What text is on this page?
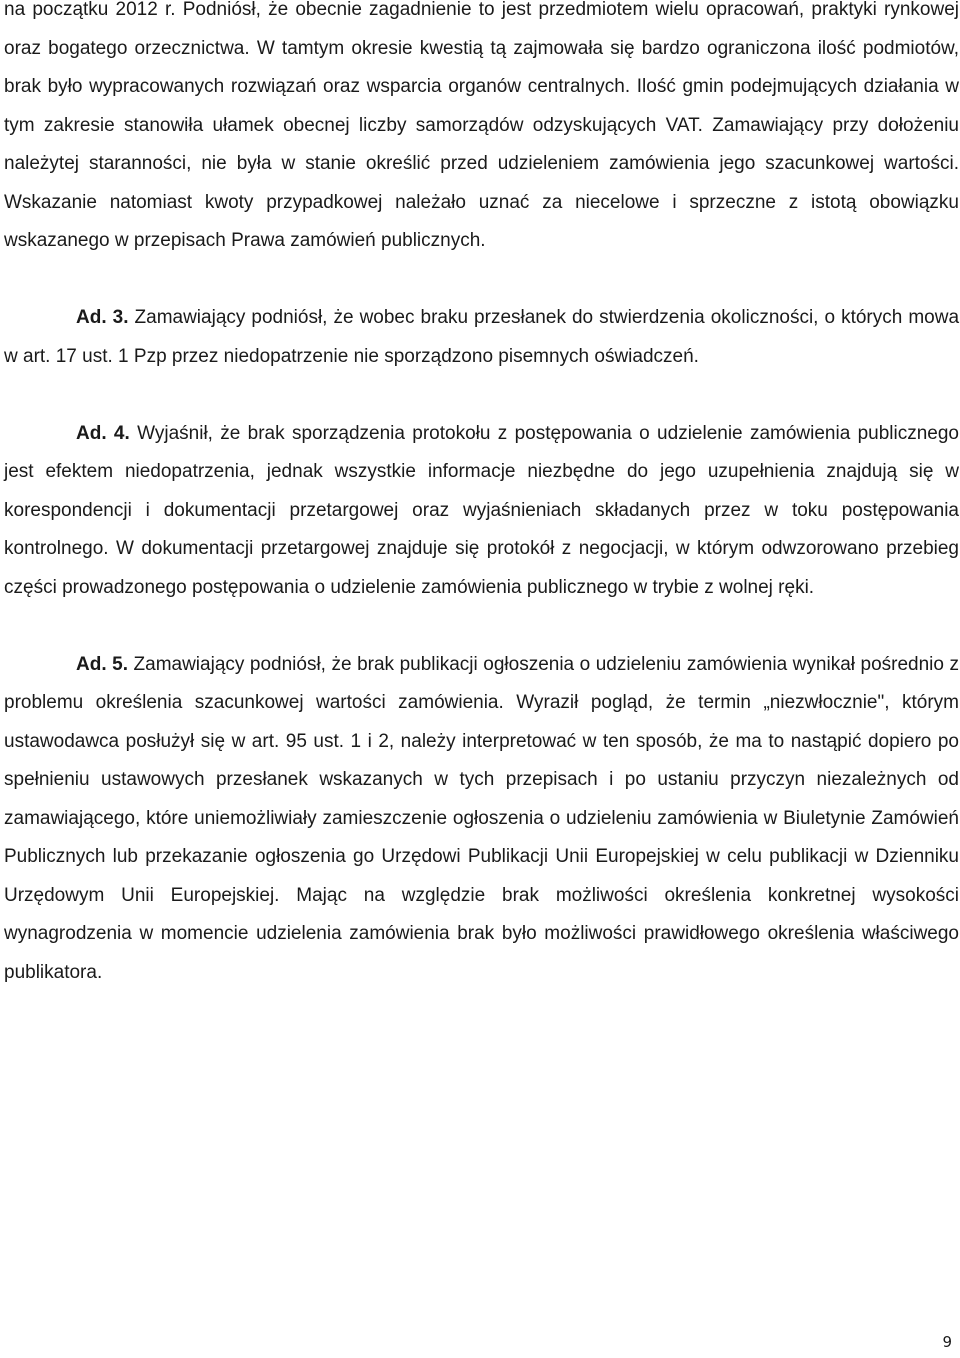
na początku 2012 r. Podniósł, że obecnie zagadnienie to jest przedmiotem wielu opracowań, praktyki rynkowej oraz bogatego orzecznictwa. W tamtym okresie kwestią tą zajmowała się bardzo ograniczona ilość podmiotów, brak było wypracowanych rozwiązań oraz wsparcia organów centralnych. Ilość gmin podejmujących działania w tym zakresie stanowiła ułamek obecnej liczby samorządów odzyskujących VAT. Zamawiający przy dołożeniu należytej staranności, nie była w stanie określić przed udzieleniem zamówienia jego szacunkowej wartości. Wskazanie natomiast kwoty przypadkowej należało uznać za niecelowe i sprzeczne z istotą obowiązku wskazanego w przepisach Prawa zamówień publicznych.

Ad. 3. Zamawiający podniósł, że wobec braku przesłanek do stwierdzenia okoliczności, o których mowa w art. 17 ust. 1 Pzp przez niedopatrzenie nie sporządzono pisemnych oświadczeń.

Ad. 4. Wyjaśnił, że brak sporządzenia protokołu z postępowania o udzielenie zamówienia publicznego jest efektem niedopatrzenia, jednak wszystkie informacje niezbędne do jego uzupełnienia znajdują się w korespondencji i dokumentacji przetargowej oraz wyjaśnieniach składanych przez w toku postępowania kontrolnego. W dokumentacji przetargowej znajduje się protokół z negocjacji, w którym odwzorowano przebieg części prowadzonego postępowania o udzielenie zamówienia publicznego w trybie z wolnej ręki.

Ad. 5. Zamawiający podniósł, że brak publikacji ogłoszenia o udzieleniu zamówienia wynikał pośrednio z problemu określenia szacunkowej wartości zamówienia. Wyraził pogląd, że termin „niezwłocznie", którym ustawodawca posłużył się w art. 95 ust. 1 i 2, należy interpretować w ten sposób, że ma to nastąpić dopiero po spełnieniu ustawowych przesłanek wskazanych w tych przepisach i po ustaniu przyczyn niezależnych od zamawiającego, które uniemożliwiały zamieszczenie ogłoszenia o udzieleniu zamówienia w Biuletynie Zamówień Publicznych lub przekazanie ogłoszenia go Urzędowi Publikacji Unii Europejskiej w celu publikacji w Dzienniku Urzędowym Unii Europejskiej. Mając na względzie brak możliwości określenia konkretnej wysokości wynagrodzenia w momencie udzielenia zamówienia brak było możliwości prawidłowego określenia właściwego publikatora.

9
